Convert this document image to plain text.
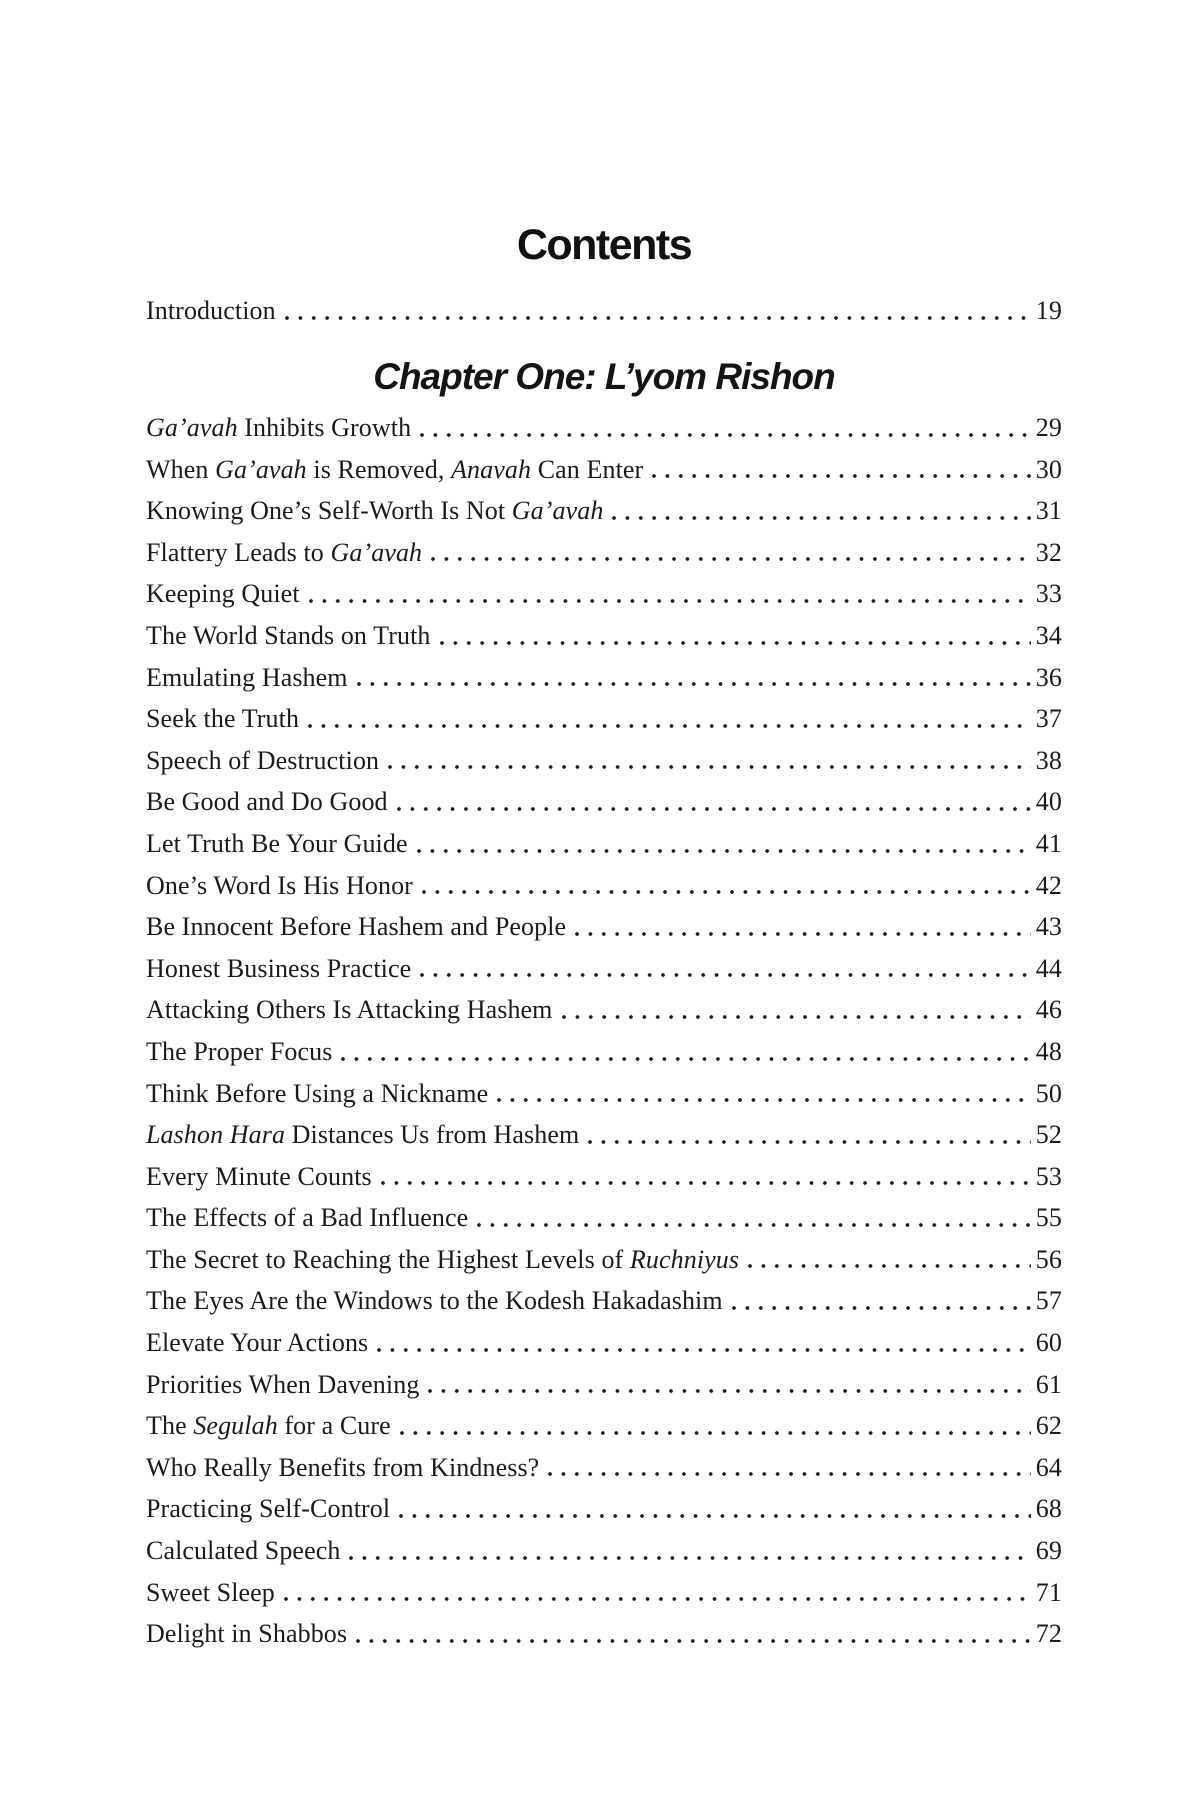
Contents
Introduction	19
Chapter One: L’yom Rishon
Ga’avah Inhibits Growth	29
When Ga’avah is Removed, Anavah Can Enter	30
Knowing One’s Self-Worth Is Not Ga’avah	31
Flattery Leads to Ga’avah	32
Keeping Quiet	33
The World Stands on Truth	34
Emulating Hashem	36
Seek the Truth	37
Speech of Destruction	38
Be Good and Do Good	40
Let Truth Be Your Guide	41
One’s Word Is His Honor	42
Be Innocent Before Hashem and People	43
Honest Business Practice	44
Attacking Others Is Attacking Hashem	46
The Proper Focus	48
Think Before Using a Nickname	50
Lashon Hara Distances Us from Hashem	52
Every Minute Counts	53
The Effects of a Bad Influence	55
The Secret to Reaching the Highest Levels of Ruchniyus	56
The Eyes Are the Windows to the Kodesh Hakadashim	57
Elevate Your Actions	60
Priorities When Davening	61
The Segulah for a Cure	62
Who Really Benefits from Kindness?	64
Practicing Self-Control	68
Calculated Speech	69
Sweet Sleep	71
Delight in Shabbos	72
